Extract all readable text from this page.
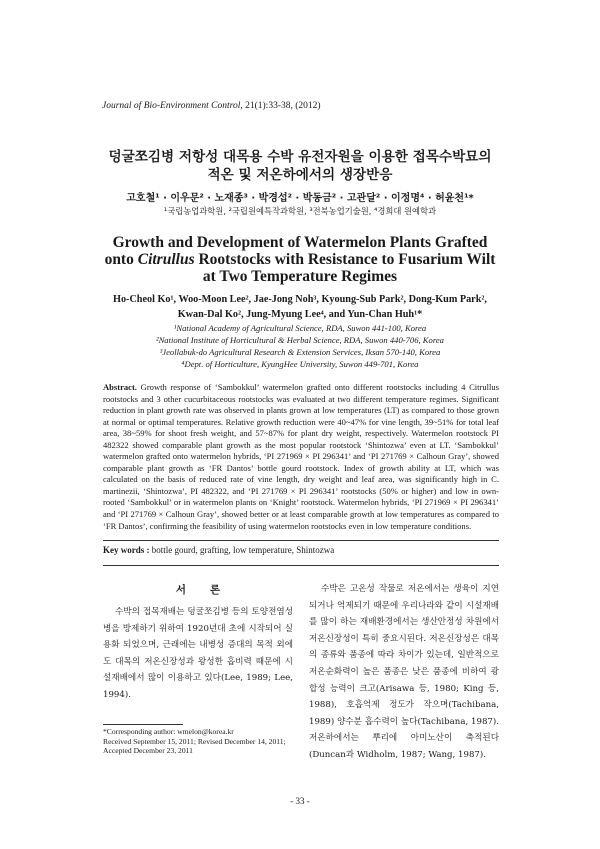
Journal of Bio-Environment Control, 21(1):33-38, (2012)
덩굴쪼김병 저항성 대목용 수박 유전자원을 이용한 접목수박묘의
적온 및 저온하에서의 생장반응
고호철¹ · 이우문² · 노재종³ · 박경섭² · 박동금² · 고관달² · 이정명⁴ · 허윤천¹*
¹국립농업과학원, ²국립원예특작과학원, ³전북농업기술원, ⁴경희대 원예학과
Growth and Development of Watermelon Plants Grafted
onto Citrullus Rootstocks with Resistance to Fusarium Wilt
at Two Temperature Regimes
Ho-Cheol Ko¹, Woo-Moon Lee², Jae-Jong Noh³, Kyoung-Sub Park², Dong-Kum Park²,
Kwan-Dal Ko², Jung-Myung Lee⁴, and Yun-Chan Huh¹*
¹National Academy of Agricultural Science, RDA, Suwon 441-100, Korea
²National Institute of Horticultural & Herbal Science, RDA, Suwon 440-706, Korea
³Jeollabuk-do Agricultural Research & Extension Services, Iksan 570-140, Korea
⁴Dept. of Horticulture, KyungHee University, Suwon 449-701, Korea
Abstract. Growth response of ‘Sambokkul’ watermelon grafted onto different rootstocks including 4 Citrullus rootstocks and 3 other cucurbitaceous rootstocks was evaluated at two different temperature regimes. Significant reduction in plant growth rate was observed in plants grown at low temperatures (LT) as compared to those grown at normal or optimal temperatures. Relative growth reduction were 40~47% for vine length, 39~51% for total leaf area, 38~59% for shoot fresh weight, and 57~87% for plant dry weight, respectively. Watermelon rootstock PI 482322 showed comparable plant growth as the most popular rootstock ‘Shintozwa’ even at LT. ‘Sambokkul’ watermelon grafted onto watermelon hybrids, ‘PI 271969 × PI 296341’ and ‘PI 271769 × Calhoun Gray’, showed comparable plant growth as ‘FR Dantos’ bottle gourd rootstock. Index of growth ability at LT, which was calculated on the basis of reduced rate of vine length, dry weight and leaf area, was significantly high in C. martinezii, ‘Shintozwa’, PI 482322, and ‘PI 271769 × PI 296341’ rootstocks (50% or higher) and low in own-rooted ‘Sambokkul’ or in watermelon plants on ‘Knight’ rootstock. Watermelon hybrids, ‘PI 271969 × PI 296341’ and ‘PI 271769 × Calhoun Gray’, showed better or at least comparable growth at low temperatures as compared to ‘FR Dantos’, confirming the feasibility of using watermelon rootstocks even in low temperature conditions.
Key words : bottle gourd, grafting, low temperature, Shintozwa
서론

수박의 접목재배는 덩굴쪼김병 등의 토양전염성 병을 방제하기 위하여 1920년대 초에 시작되어 실용화 되었으며, 근래에는 내병성 증대의 목적 외에도 대목의 저온신장성과 왕성한 흡비력 때문에 시설재배에서 많이 이용하고 있다(Lee, 1989; Lee, 1994).

수박은 고온성 작물로 저온에서는 생육이 지연되거나 억제되기 때문에 우리나라와 같이 시설재배를 많이 하는 재배환경에서는 생산안정성 차원에서 저온신장성이 특히 중요시된다. 저온신장성은 대목의 종류와 품종에 따라 차이가 있는데, 일반적으로 저온순화력이 높은 품종은 낮은 품종에 비하여 광합성 능력이 크고(Arisawa 등, 1980; King 등, 1988), 호흡억제 정도가 작으며(Tachibana, 1989) 양수분 흡수력이 높다(Tachibana, 1987). 저온하에서는 뿌리에 아미노산이 축적된다(Duncan과 Widholm, 1987; Wang, 1987).

*Corresponding author: wmelon@korea.kr
Received September 15, 2011; Revised December 14, 2011;
Accepted December 23, 2011
- 33 -
